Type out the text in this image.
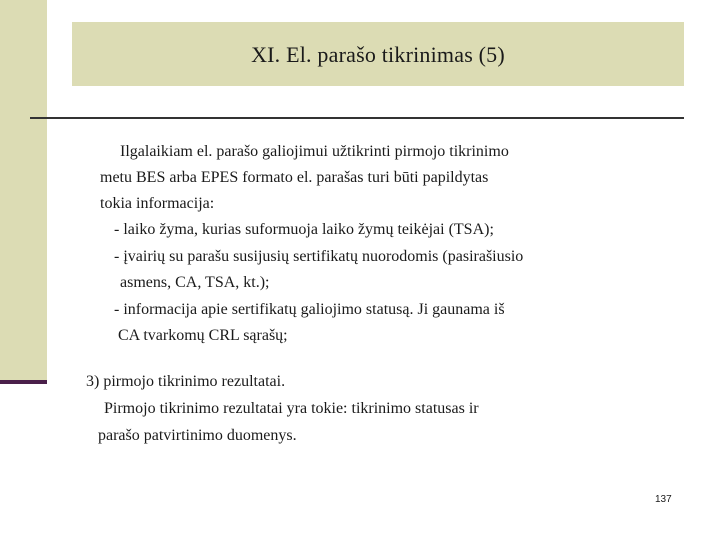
XI. El. parašo tikrinimas (5)
Ilgalaikiam el. parašo galiojimui užtikrinti pirmojo tikrinimo
metu BES arba EPES formato el. parašas turi būti papildytas
tokia informacija:
- laiko žyma, kurias suformuoja laiko žymų teikėjai (TSA);
- įvairių su parašu susijusių sertifikatų nuorodomis (pasirašiusio
asmens, CA, TSA, kt.);
- informacija apie sertifikatų galiojimo statusą. Ji gaunama iš
CA tvarkomų CRL sąrašų;
3) pirmojo tikrinimo rezultatai.
Pirmojo tikrinimo rezultatai yra tokie: tikrinimo statusas ir
parašo patvirtinimo duomenys.
137
